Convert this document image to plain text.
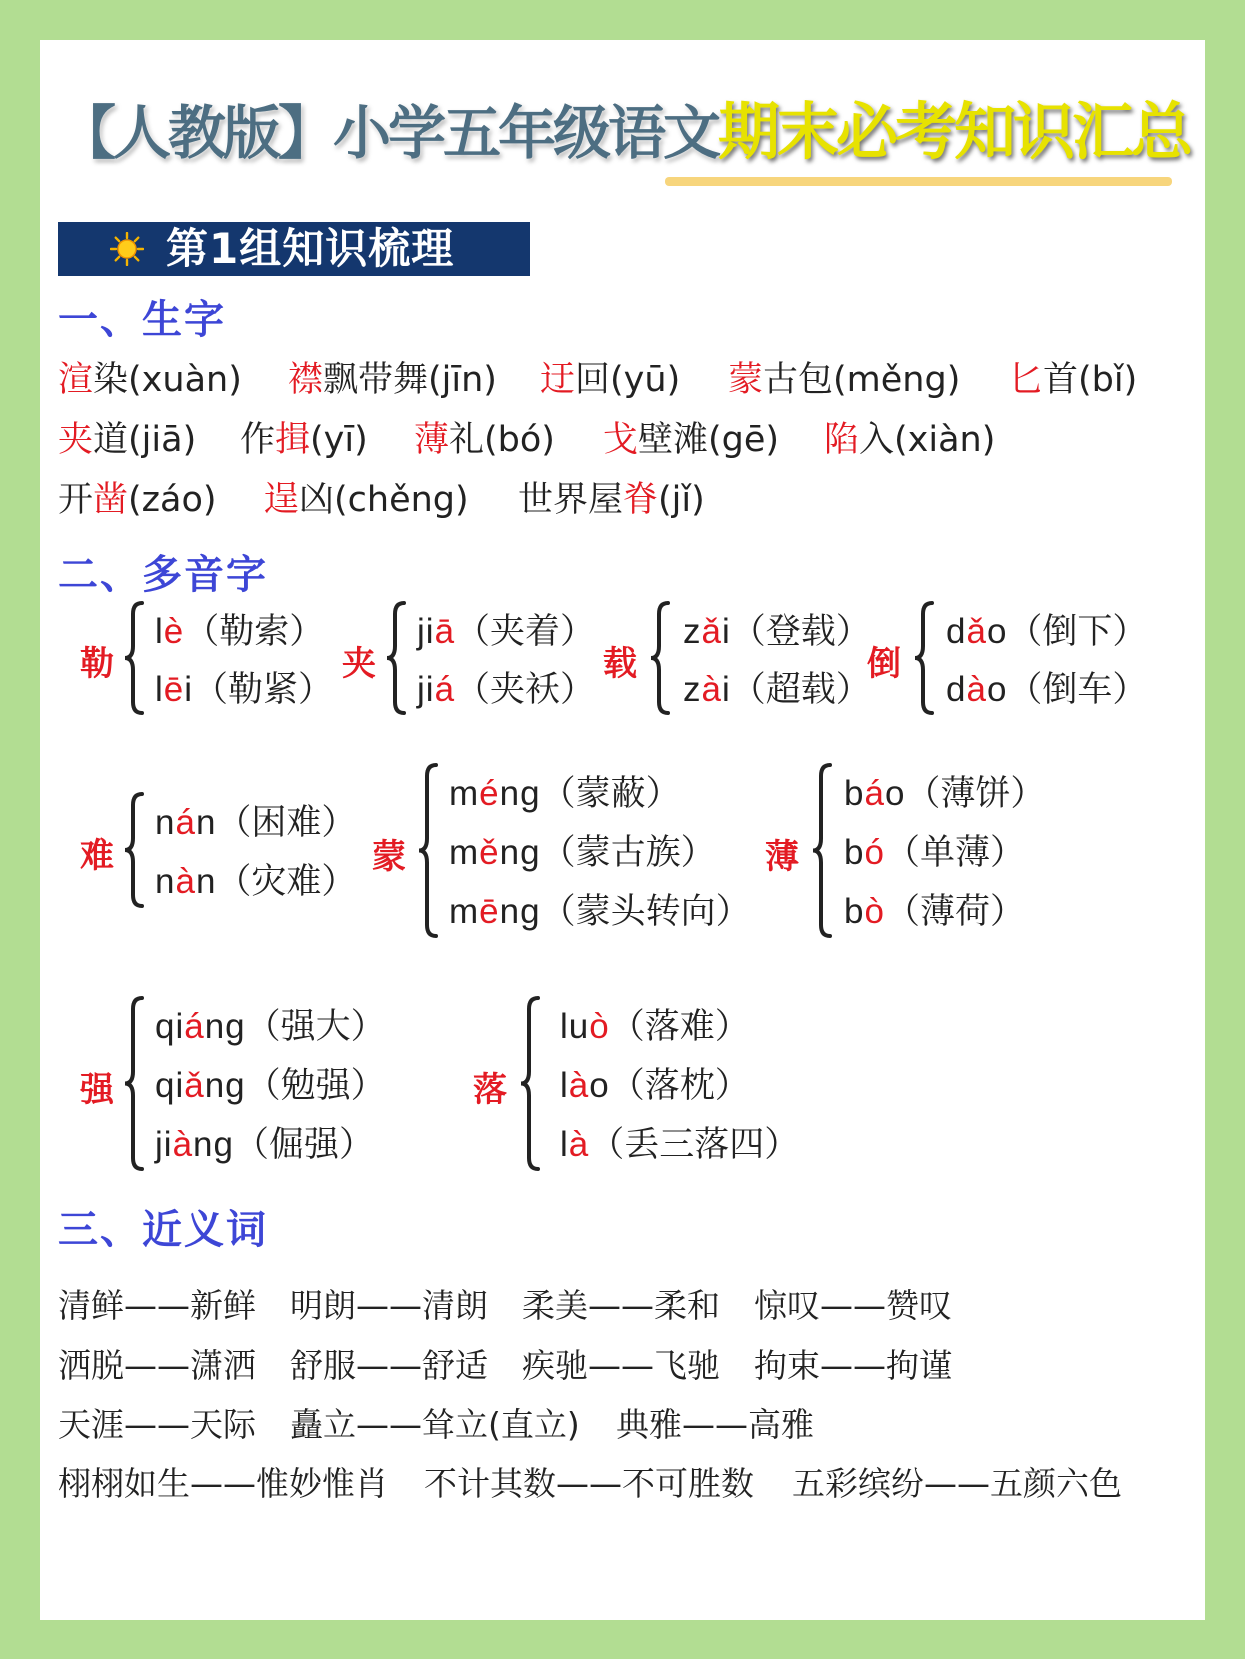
【人教版】小学五年级语文期末必考知识汇总
第1组知识梳理
一、生字
渲染(xuàn) 襟飘带舞(jīn) 迂回(yū) 蒙古包(měng) 匕首(bǐ)
夹道(jiā) 作揖(yī) 薄礼(bó) 戈壁滩(gē) 陷入(xiàn)
开凿(záo) 逞凶(chěng) 世界屋脊(jǐ)
二、多音字
勒
lè（勒索）
lēi（勒紧）
夹
jiā（夹着）
jiá（夹袄）
载
zǎi（登载）
zài（超载）
倒
dǎo（倒下）
dào（倒车）
难
nán（困难）
nàn（灾难）
蒙
méng（蒙蔽）
měng（蒙古族）
mēng（蒙头转向）
薄
báo（薄饼）
bó（单薄）
bò（薄荷）
强
qiáng（强大）
qiǎng（勉强）
jiàng（倔强）
落
luò（落难）
lào（落枕）
là（丢三落四）
三、近义词
清鲜——新鲜 明朗——清朗 柔美——柔和 惊叹——赞叹
洒脱——潇洒 舒服——舒适 疾驰——飞驰 拘束——拘谨
天涯——天际 矗立——耸立(直立) 典雅——高雅
栩栩如生——惟妙惟肖 不计其数——不可胜数 五彩缤纷——五颜六色
